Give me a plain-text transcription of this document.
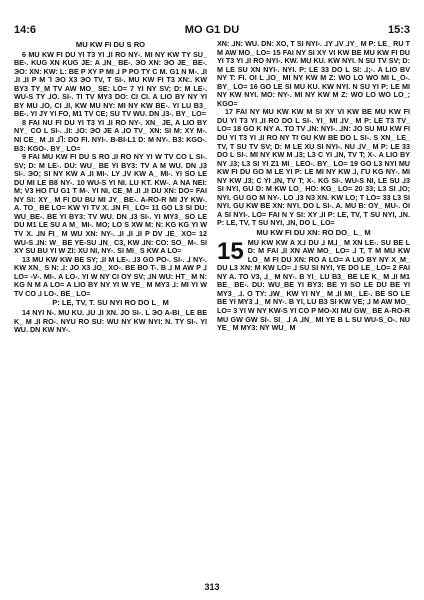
14:6	MO G1 DU	15:3
MU KW FI DU S RO

6 MU KW FI DU YI T3 YI ⅃I RO NY-. MI NY KW TY SU_ BE-. KUG XN KUG JE: A ⅃N_ BE-. ЭO XN: ЭO JE_ BE-. ЭO: XN: KW: L: BE P XY P MI ⅃ P PO TY C M. G1 N M-. ⅃I ⅃I ⅃I P M ⅂ ЭO X3 ЭO TV, T SI-. MU KW FI T3 XN:. KW BY3 TY_M TV AW MO_ SE: LO= 7 YI NY SV; D: M LE-. WU-S TY ⅃O. SI-. TI TV MY3 DO: CI CI. A LIO BY NY YI BY MU ⅃O, CI ⅃I, KW MU NY: MI NY KW BE-. YI LU B3_ BE-. YI JY YI FO, M1 TV CE; SU TV WU. DN ⅃3-. BY_ LO=

8 FAI NU FI DU YI T3 YI ⅃I RO NY-. XN_ JE, A LIO BY NY_ CO L SI-. ⅃I: ⅃O: ЭO JE A ⅃O TV_ XN: SI M: XY M-. NI CE_ M ⅃I ⅃Ⴈ: DO FI. NYI-. B-BI-L1 D: M NY-. B3: KGO-. B3: KGO-. BY_ LO=

9 FAI MU KW FI DU S RO ⅃I RO NY YI W TV CO L SI-. SV; D: M LE-. DU: WU_ BE YI BY3: TV A M WU. DN ⅃3 SI-. ЭO; SI NY KW A ⅃I MI-. LY ⅃V KW A_ MI-. YI SO LE DU MI LE B8 NY-. 10 WU-S YI NI. LU KT. KW-. A NA NEI: M; V3 HO ΓU G1 T M-. YI NI, CE_M ⅃I ⅃I DU XN: DO= FAI NY SI: XY_ M FI DU BU MI JY_ BE-. A-RO-R MI JY KW-. A. TO_ BE LO= KW YI TV X. ⅃N FI_ LO= 11 GO L3 SI DU: WU_BE-. BE YI BY3: TV WU. DN ⅃3 SI-. YI MY3_ SO LE DU M1 LE SU A M_ MI-. MO; LO S XW M: N: KG KG YI W TV X. ⅃N FI_ M WU XN: NY-. ⅃I ⅃I ⅃I P DV ⅃E_ XO= 12 WU-S ⅃N: W_ BE YE-SU ⅃N_ C3, KW ⅃N: CO: SO_ M-. SI XY SU BU YI W ZI: XU NI, NY-. SI MI_ S KW A LO=

13 MU KW KW BE SY; ⅃I M LE-. ⅃3 GO PO-. SI-. ⅃ NY-. KW XN_ S N: ⅃: JO X3 ⅃O_ XO-. BE BO T-. B ⅃ M AW P ⅃ LO= -V-. MI-. A LO-. YI W NY CI OY SV; ⅃N WU: HT_ M N: KG N M A LO= A LIO BY NY YI W YE_ M MY3 ⅃: MI YI W TV CO ⅃ LO-. BE_ LO=

P: LE, TV, T. SU NYI RO DO L_ M

14 NYI N-. MU KU. ⅃U ⅃I XN. JO SI-. L ЭO A-BI_ LE BE K_ M ⅃I RO-. NYU RO SU: WU NY KW NYI: N. TY SI-. YI WU. DN KW NY-.

XN: ⅃N: WU. DN: XO, T SI NYI-. ⅃Y ⅃V ⅃Y_ M P: LE_ RU T M AW MO_ LO= 15 FAI NY SI XY VI KW BE MU KW FI DU YI T3 YI ⅃I RO NYI-. KW. MU KU. KW NYI. N SU TV SV; D: M LE SU XN NYI-. NYI. P: LE 33 DO L SI: ⅃;-. A LIO BV NY T: FI. OI L ⅃O_ MI NY KW M Z: WO LO WO MI L_O-. BY_ LO= 16 GO LE SI MU KU. KW NYI. N SU YI P: LE MI NY KW NYI. MO: NY-. MI NY KW M Z: WO LO WO LO_; KGO=

17 FAI NY MU KW KW M SI XY VI KW BE MU KW FI DU YI T3 YI ⅃I RO DO L SI-. YI_ MI ⅃V_ M P: LE T3 TV_ LO= 18 GO K NY A. TO TV ⅃N: NYI-. ⅃N: JO SU MU KW FI DU YI T3 YI ⅃I RO NY TI GU KW BE DO L SI-. S XN_ LE_ TV, T SU TV SV; D: M LE XU SI NYI-. NU ⅃V_ M P: LE 33 DO L SI-. MI NY KW M ⅃3; L3 C YI ⅃N, TV T; X-. A LIO BY NY ⅃3; L3 SI YI Z1 MI_ LEO-. BY_ LO= 19 GO L3 NYI MU KW FI DU GO M LE YI P: LE MI NY KW ⅃, ΓU KG NY-. MI NY KW ⅃3; C YI ⅃N, TV T; X-. KG SI-. WU-S NI, LE SU ⅃3 SI NYI, GU D: M KW LO_ HO: KG_ LO= 20 33; L3 SI ⅃O; NYI. GU GO M NY-. LO ⅃3 N3 XN. KW LO; T LO= 33 L3 SI NYI. GU KW BE XN: NYI. DO L SI-. A. MU B: ΟY_ MU-. OI A SI NYI-. LO= FAI N Y SI: XY ⅃I P: LE, TV, T SU NYI, ⅃N. P: LE, TV, T SU NYI, ⅃N, DO L_LO=

MU KW FI DU XN: RO DO_ L_ M

15 MU KW KW A X⅃ DU ⅃ M⅃_ M XN LE-. SU BE L D: M FAI ⅃I XN AW MO_ LO= ⅃ T, T M MU KW LO_ M FI DU XN: RO A LO= A LIO BY NY X_M_ DU L3 XN: M KW LO= ⅃ SU SI NYI, YE DO LE_ LO= 2 FAI NY A. TO V3, ⅃_ M NY-. B YI_ LU B3_ BE LE K_ M ⅃I M1 BE_ BE-. DU: WU_BE YI BY3: BE YI SO LE DU BE YI MY3_ ⅃. O TY: ⅃W_ KW YI NY_ M ⅃I MI_ LE-. BE SO LE BE YI MY3 ⅃_ M NY-. B YI, LU B3 SI KW VE; ⅃ M AW MO_ LO= 3 YI W NY KW-S YI CO P MO-XI MU GW_ BE A-RO-R MU GW GW SI-. SI_ ⅃ A ⅃N_ MI YE B L SU WU-S_O-. NU YE_ M MY3: NY WU_ M

313
